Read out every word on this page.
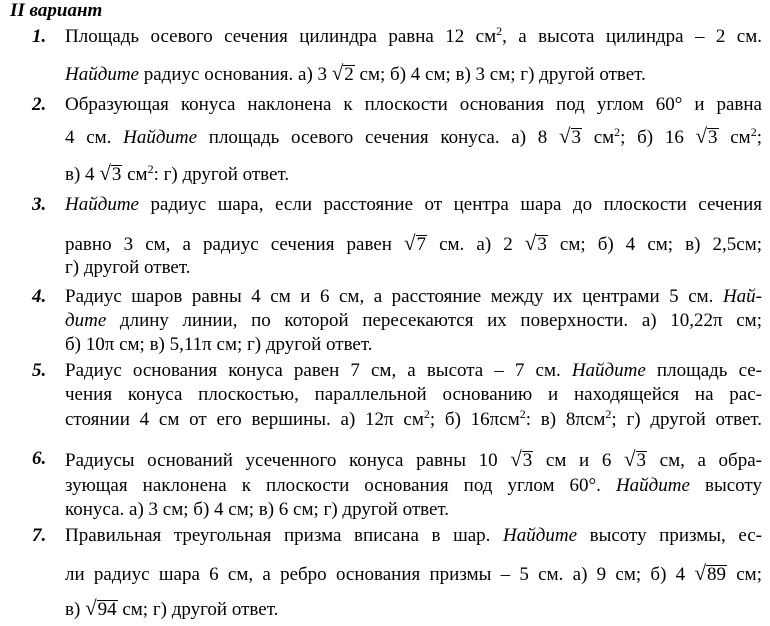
II вариант
1. Площадь осевого сечения цилиндра равна 12 $см^2$, а высота цилиндра – 2 см.
Найдите радиус основания. а) 3 √2 см; б) 4 см; в) 3 см; г) другой ответ.
2. Образующая конуса наклонена к плоскости основания под углом 60° и равна
4 см. Найдите площадь осевого сечения конуса. а) 8 √3 $см^2$; б) 16 √3 $см^2$;
в) 4 √3 $см^2$: г) другой ответ.
3. Найдите радиус шара, если расстояние от центра шара до плоскости сечения
равно 3 см, а радиус сечения равен √7 см. а) 2 √3 см; б) 4 см; в) 2,5см;
г) другой ответ.
4. Радиус шаров равны 4 см и 6 см, а расстояние между их центрами 5 см. Най-
дите длину линии, по которой пересекаются их поверхности. а) 10,22π см;
б) 10π см; в) 5,11π см; г) другой ответ.
5. Радиус основания конуса равен 7 см, а высота – 7 см. Найдите площадь се-
чения конуса плоскостью, параллельной основанию и находящейся на рас-
стоянии 4 см от его вершины. а) 12π $см^2$; б) 16πсм$^2$: в) 8πсм$^2$; г) другой ответ.
6. Радиусы оснований усеченного конуса равны 10 √3 см и 6 √3 см, а обра-
зующая наклонена к плоскости основания под углом 60°. Найдите высоту
конуса. а) 3 см; б) 4 см; в) 6 см; г) другой ответ.
7. Правильная треугольная призма вписана в шар. Найдите высоту призмы, ес-
ли радиус шара 6 см, а ребро основания призмы – 5 см. а) 9 см; б) 4 √89 см;
в) √94 см; г) другой ответ.
